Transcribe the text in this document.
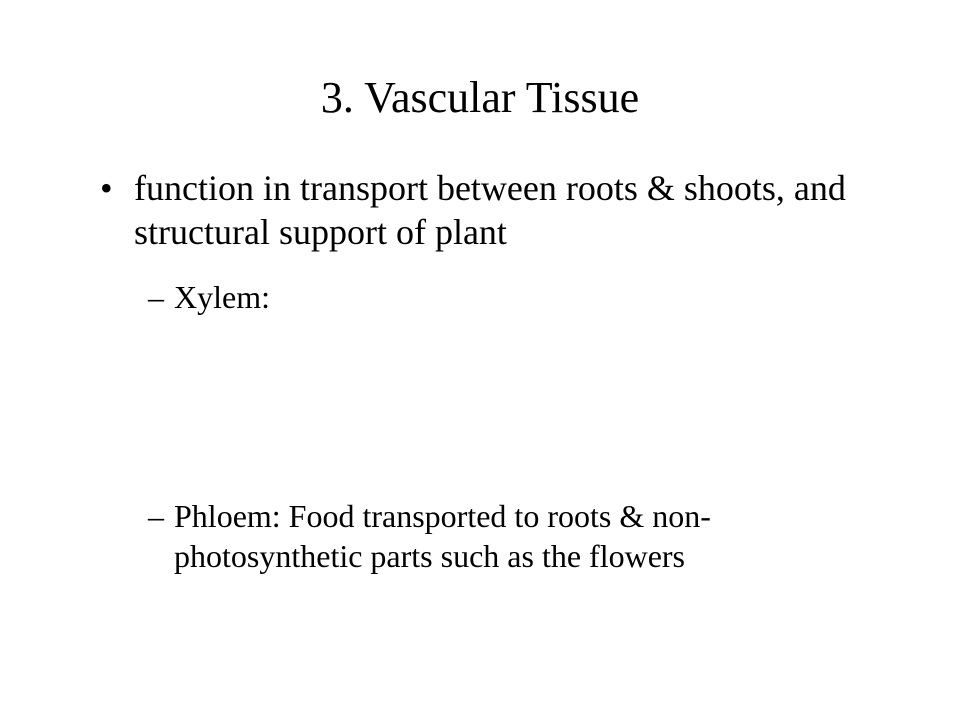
3. Vascular Tissue
• function in transport between roots & shoots, and structural support of plant
– Xylem:
– Phloem: Food transported to roots & non-photosynthetic parts such as the flowers
